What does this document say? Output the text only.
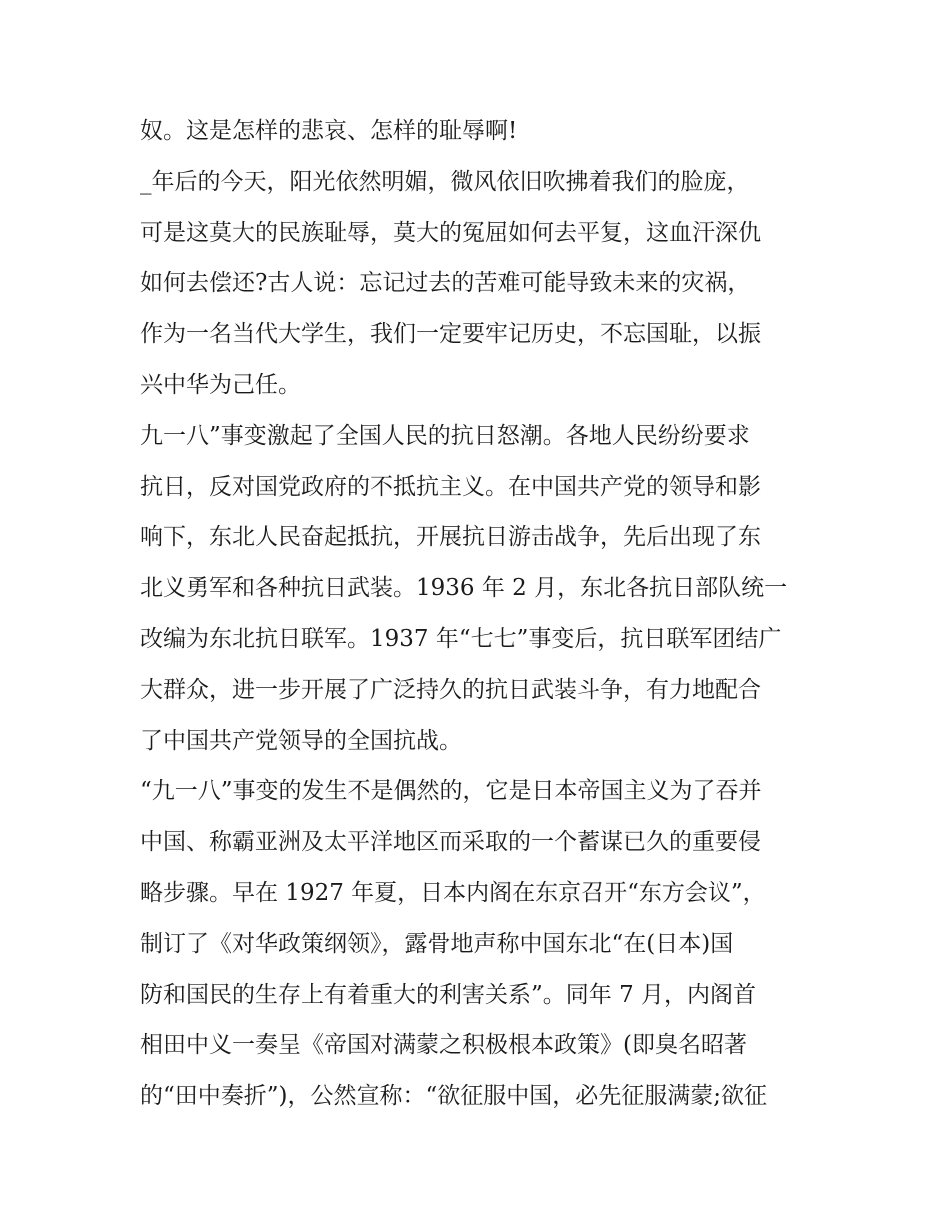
奴。这是怎样的悲哀、怎样的耻辱啊!
_年后的今天，阳光依然明媚，微风依旧吹拂着我们的脸庞，
可是这莫大的民族耻辱，莫大的冤屈如何去平复，这血汗深仇
如何去偿还?古人说：忘记过去的苦难可能导致未来的灾祸，
作为一名当代大学生，我们一定要牢记历史，不忘国耻，以振
兴中华为己任。
九一八”事变激起了全国人民的抗日怒潮。各地人民纷纷要求
抗日，反对国党政府的不抵抗主义。在中国共产党的领导和影
响下，东北人民奋起抵抗，开展抗日游击战争，先后出现了东
北义勇军和各种抗日武装。1936 年 2 月，东北各抗日部队统一
改编为东北抗日联军。1937 年“七七”事变后，抗日联军团结广
大群众，进一步开展了广泛持久的抗日武装斗争，有力地配合
了中国共产党领导的全国抗战。
“九一八”事变的发生不是偶然的，它是日本帝国主义为了吞并
中国、称霸亚洲及太平洋地区而采取的一个蓄谋已久的重要侵
略步骤。早在 1927 年夏，日本内阁在东京召开“东方会议”，
制订了《对华政策纲领》，露骨地声称中国东北“在(日本)国
防和国民的生存上有着重大的利害关系”。同年 7 月，内阁首
相田中义一奏呈《帝国对满蒙之积极根本政策》(即臭名昭著
的“田中奏折”)，公然宣称：“欲征服中国，必先征服满蒙;欲征
